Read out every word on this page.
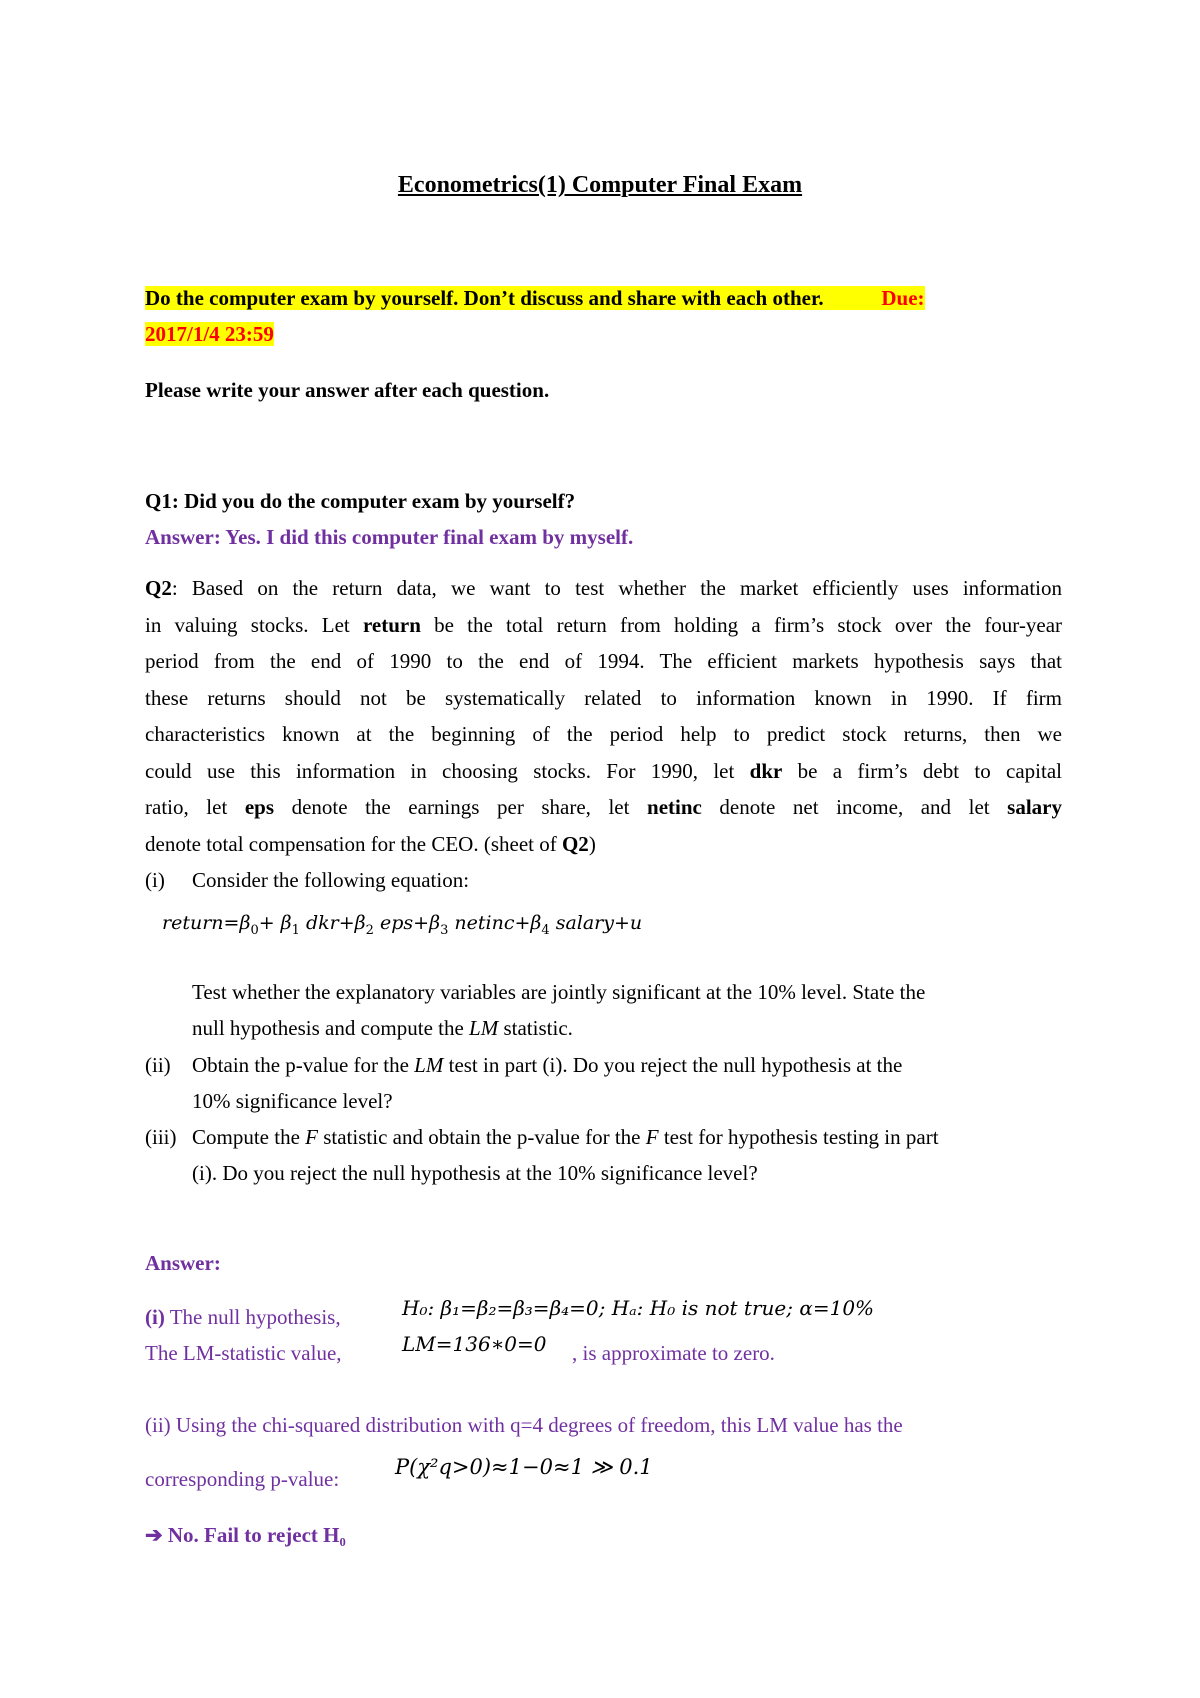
Econometrics(1) Computer Final Exam
Do the computer exam by yourself. Don’t discuss and share with each other.	Due:
2017/1/4 23:59
Please write your answer after each question.
Q1: Did you do the computer exam by yourself?
Answer: Yes. I did this computer final exam by myself.
Q2: Based on the return data, we want to test whether the market efficiently uses information
in valuing stocks. Let return be the total return from holding a firm’s stock over the four-year
period from the end of 1990 to the end of 1994. The efficient markets hypothesis says that
these returns should not be systematically related to information known in 1990. If firm
characteristics known at the beginning of the period help to predict stock returns, then we
could use this information in choosing stocks. For 1990, let dkr be a firm’s debt to capital
ratio, let eps denote the earnings per share, let netinc denote net income, and let salary
denote total compensation for the CEO. (sheet of Q2)
(i) Consider the following equation:
$return=\beta_0+ \beta_1$ $dkr+\beta_2$ $eps+\beta_3$ $netinc+\beta_4$ salary+u
Test whether the explanatory variables are jointly significant at the 10% level. State the
null hypothesis and compute the LM statistic.
(ii) Obtain the p-value for the LM test in part (i). Do you reject the null hypothesis at the
10% significance level?
(iii) Compute the F statistic and obtain the p-value for the F test for hypothesis testing in part
(i). Do you reject the null hypothesis at the 10% significance level?
Answer:
(i) The null hypothesis,	H₀: β₁=β₂=β₃=β₄=0; Hₐ: H₀ is not true; α=10%
The LM-statistic value,	LM=136∗0=0 , is approximate to zero.
(ii) Using the chi-squared distribution with q=4 degrees of freedom, this LM value has the
corresponding p-value:	P(χ²q>0)≈1−0≈1 ≫ 0.1
➔ No. Fail to reject H₀
